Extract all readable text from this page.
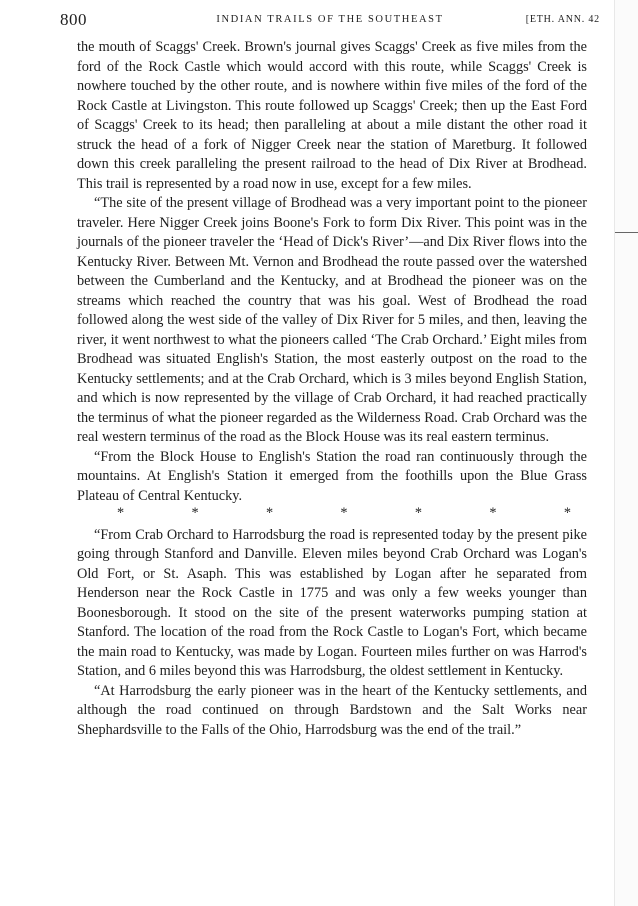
800	INDIAN TRAILS OF THE SOUTHEAST	[ETH. ANN. 42

the mouth of Scaggs' Creek. Brown's journal gives Scaggs' Creek as five miles from the ford of the Rock Castle which would accord with this route, while Scaggs' Creek is nowhere touched by the other route, and is nowhere within five miles of the ford of the Rock Castle at Livingston. This route followed up Scaggs' Creek; then up the East Ford of Scaggs' Creek to its head; then paralleling at about a mile distant the other road it struck the head of a fork of Nigger Creek near the station of Maretburg. It followed down this creek paralleling the present railroad to the head of Dix River at Brodhead. This trail is represented by a road now in use, except for a few miles.

“The site of the present village of Brodhead was a very important point to the pioneer traveler. Here Nigger Creek joins Boone's Fork to form Dix River. This point was in the journals of the pioneer traveler the ‘Head of Dick's River’—and Dix River flows into the Kentucky River. Between Mt. Vernon and Brodhead the route passed over the watershed between the Cumberland and the Kentucky, and at Brodhead the pioneer was on the streams which reached the country that was his goal. West of Brodhead the road followed along the west side of the valley of Dix River for 5 miles, and then, leaving the river, it went northwest to what the pioneers called ‘The Crab Orchard.’ Eight miles from Brodhead was situated English's Station, the most easterly outpost on the road to the Kentucky settlements; and at the Crab Orchard, which is 3 miles beyond English Station, and which is now represented by the village of Crab Orchard, it had reached practically the terminus of what the pioneer regarded as the Wilderness Road. Crab Orchard was the real western terminus of the road as the Block House was its real eastern terminus.

“From the Block House to English's Station the road ran continuously through the mountains. At English's Station it emerged from the foothills upon the Blue Grass Plateau of Central Kentucky.

*	*	*	*	*	*	*

“From Crab Orchard to Harrodsburg the road is represented today by the present pike going through Stanford and Danville. Eleven miles beyond Crab Orchard was Logan's Old Fort, or St. Asaph. This was established by Logan after he separated from Henderson near the Rock Castle in 1775 and was only a few weeks younger than Boonesborough. It stood on the site of the present waterworks pumping station at Stanford. The location of the road from the Rock Castle to Logan's Fort, which became the main road to Kentucky, was made by Logan. Fourteen miles further on was Harrod's Station, and 6 miles beyond this was Harrodsburg, the oldest settlement in Kentucky.

“At Harrodsburg the early pioneer was in the heart of the Kentucky settlements, and although the road continued on through Bardstown and the Salt Works near Shephardsville to the Falls of the Ohio, Harrodsburg was the end of the trail.”
